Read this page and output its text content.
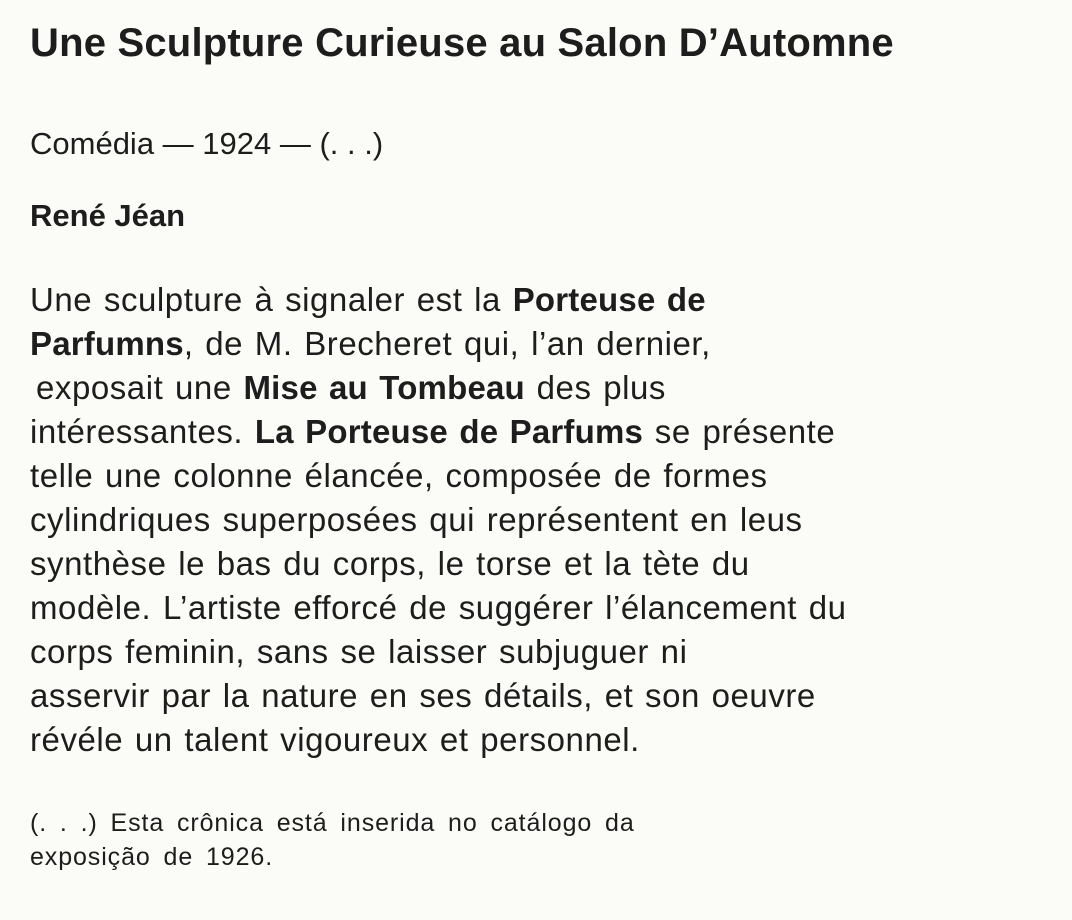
Une Sculpture Curieuse au Salon D’Automne
Comédia — 1924 — (. . .)
René Jéan
Une sculpture à signaler est la Porteuse de
Parfumns, de M. Brecheret qui, l’an dernier,
exposait une Mise au Tombeau des plus
intéressantes. La Porteuse de Parfums se présente
telle une colonne élancée, composée de formes
cylindriques superposées qui représentent en leus
synthèse le bas du corps, le torse et la tète du
modèle. L’artiste efforcé de suggérer l’élancement du
corps feminin, sans se laisser subjuguer ni
asservir par la nature en ses détails, et son oeuvre
révéle un talent vigoureux et personnel.
(. . .) Esta crônica está inserida no catálogo da
exposição de 1926.
